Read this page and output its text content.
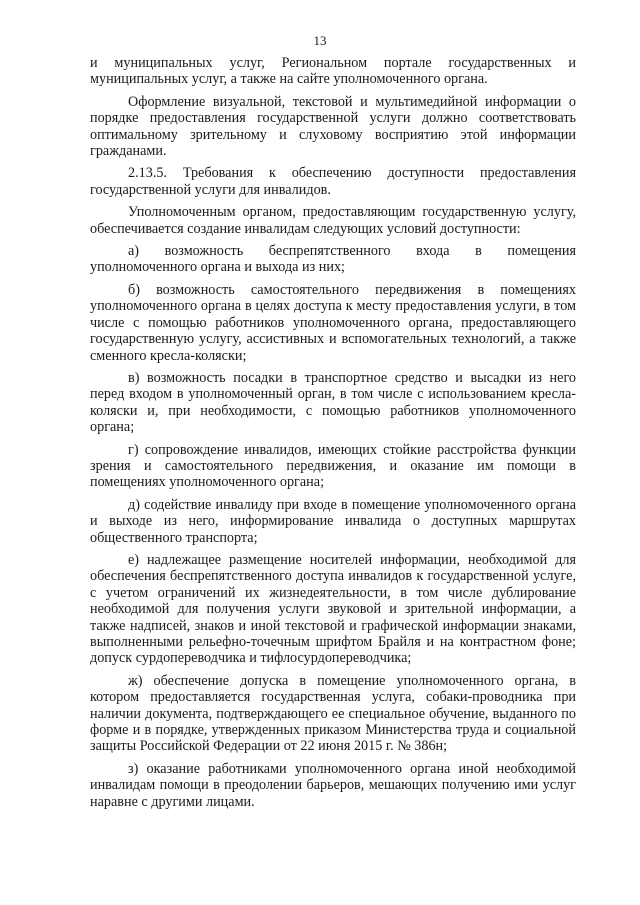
13

и муниципальных услуг, Региональном портале государственных и муниципальных услуг, а также на сайте уполномоченного органа.

Оформление визуальной, текстовой и мультимедийной информации о порядке предоставления государственной услуги должно соответствовать оптимальному зрительному и слуховому восприятию этой информации гражданами.

2.13.5. Требования к обеспечению доступности предоставления государственной услуги для инвалидов.

Уполномоченным органом, предоставляющим государственную услугу, обеспечивается создание инвалидам следующих условий доступности:

а) возможность беспрепятственного входа в помещения уполномоченного органа и выхода из них;

б) возможность самостоятельного передвижения в помещениях уполномоченного органа в целях доступа к месту предоставления услуги, в том числе с помощью работников уполномоченного органа, предоставляющего государственную услугу, ассистивных и вспомогательных технологий, а также сменного кресла-коляски;

в) возможность посадки в транспортное средство и высадки из него перед входом в уполномоченный орган, в том числе с использованием кресла-коляски и, при необходимости, с помощью работников уполномоченного органа;

г) сопровождение инвалидов, имеющих стойкие расстройства функции зрения и самостоятельного передвижения, и оказание им помощи в помещениях уполномоченного органа;

д) содействие инвалиду при входе в помещение уполномоченного органа и выходе из него, информирование инвалида о доступных маршрутах общественного транспорта;

е) надлежащее размещение носителей информации, необходимой для обеспечения беспрепятственного доступа инвалидов к государственной услуге, с учетом ограничений их жизнедеятельности, в том числе дублирование необходимой для получения услуги звуковой и зрительной информации, а также надписей, знаков и иной текстовой и графической информации знаками, выполненными рельефно-точечным шрифтом Брайля и на контрастном фоне; допуск сурдопереводчика и тифлосурдопереводчика;

ж) обеспечение допуска в помещение уполномоченного органа, в котором предоставляется государственная услуга, собаки-проводника при наличии документа, подтверждающего ее специальное обучение, выданного по форме и в порядке, утвержденных приказом Министерства труда и социальной защиты Российской Федерации от 22 июня 2015 г. № 386н;

з) оказание работниками уполномоченного органа иной необходимой инвалидам помощи в преодолении барьеров, мешающих получению ими услуг наравне с другими лицами.
